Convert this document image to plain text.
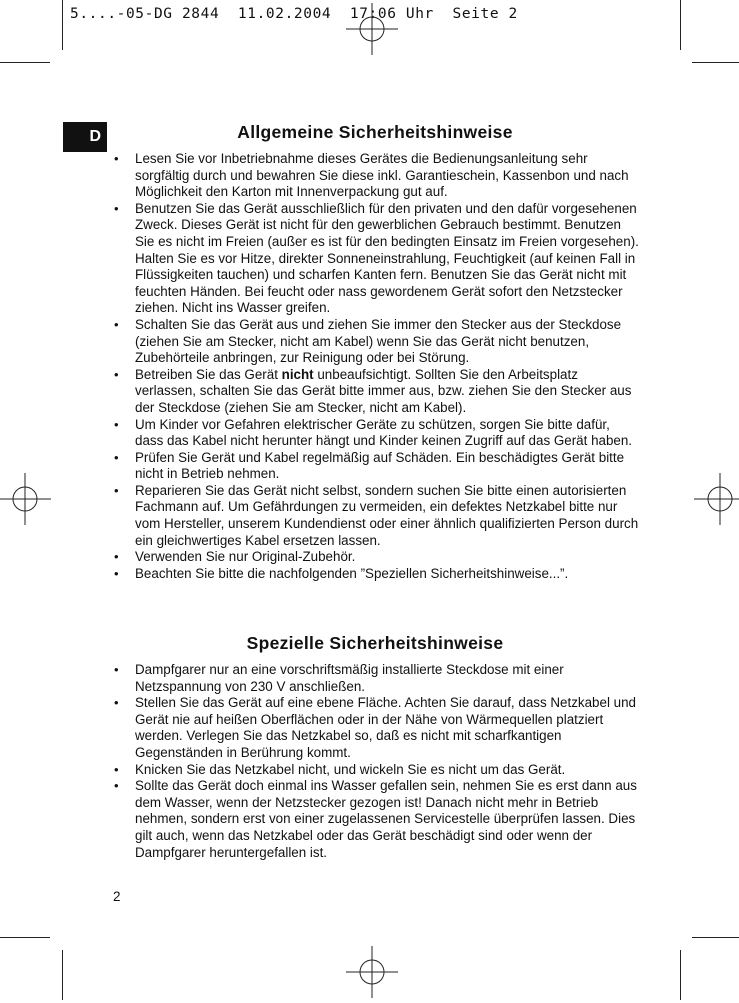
5....-05-DG 2844  11.02.2004  17:06 Uhr  Seite 2
D	Allgemeine Sicherheitshinweise
• Lesen Sie vor Inbetriebnahme dieses Gerätes die Bedienungsanleitung sehr sorgfältig durch und bewahren Sie diese inkl. Garantieschein, Kassenbon und nach Möglichkeit den Karton mit Innenverpackung gut auf.
• Benutzen Sie das Gerät ausschließlich für den privaten und den dafür vorgesehenen Zweck. Dieses Gerät ist nicht für den gewerblichen Gebrauch bestimmt. Benutzen Sie es nicht im Freien (außer es ist für den bedingten Einsatz im Freien vorgesehen). Halten Sie es vor Hitze, direkter Sonneneinstrahlung, Feuchtigkeit (auf keinen Fall in Flüssigkeiten tauchen) und scharfen Kanten fern. Benutzen Sie das Gerät nicht mit feuchten Händen. Bei feucht oder nass gewordenem Gerät sofort den Netzstecker ziehen. Nicht ins Wasser greifen.
• Schalten Sie das Gerät aus und ziehen Sie immer den Stecker aus der Steckdose (ziehen Sie am Stecker, nicht am Kabel) wenn Sie das Gerät nicht benutzen, Zubehörteile anbringen, zur Reinigung oder bei Störung.
• Betreiben Sie das Gerät nicht unbeaufsichtigt. Sollten Sie den Arbeitsplatz verlassen, schalten Sie das Gerät bitte immer aus, bzw. ziehen Sie den Stecker aus der Steckdose (ziehen Sie am Stecker, nicht am Kabel).
• Um Kinder vor Gefahren elektrischer Geräte zu schützen, sorgen Sie bitte dafür, dass das Kabel nicht herunter hängt und Kinder keinen Zugriff auf das Gerät haben.
• Prüfen Sie Gerät und Kabel regelmäßig auf Schäden. Ein beschädigtes Gerät bitte nicht in Betrieb nehmen.
• Reparieren Sie das Gerät nicht selbst, sondern suchen Sie bitte einen autorisierten Fachmann auf. Um Gefährdungen zu vermeiden, ein defektes Netzkabel bitte nur vom Hersteller, unserem Kundendienst oder einer ähnlich qualifizierten Person durch ein gleichwertiges Kabel ersetzen lassen.
• Verwenden Sie nur Original-Zubehör.
• Beachten Sie bitte die nachfolgenden ”Speziellen Sicherheitshinweise...”.
Spezielle Sicherheitshinweise
• Dampfgarer nur an eine vorschriftsmäßig installierte Steckdose mit einer Netzspannung von 230 V anschließen.
• Stellen Sie das Gerät auf eine ebene Fläche. Achten Sie darauf, dass Netzkabel und Gerät nie auf heißen Oberflächen oder in der Nähe von Wärmequellen platziert werden. Verlegen Sie das Netzkabel so, daß es nicht mit scharfkantigen Gegenständen in Berührung kommt.
• Knicken Sie das Netzkabel nicht, und wickeln Sie es nicht um das Gerät.
• Sollte das Gerät doch einmal ins Wasser gefallen sein, nehmen Sie es erst dann aus dem Wasser, wenn der Netzstecker gezogen ist! Danach nicht mehr in Betrieb nehmen, sondern erst von einer zugelassenen Servicestelle überprüfen lassen. Dies gilt auch, wenn das Netzkabel oder das Gerät beschädigt sind oder wenn der Dampfgarer heruntergefallen ist.
2
